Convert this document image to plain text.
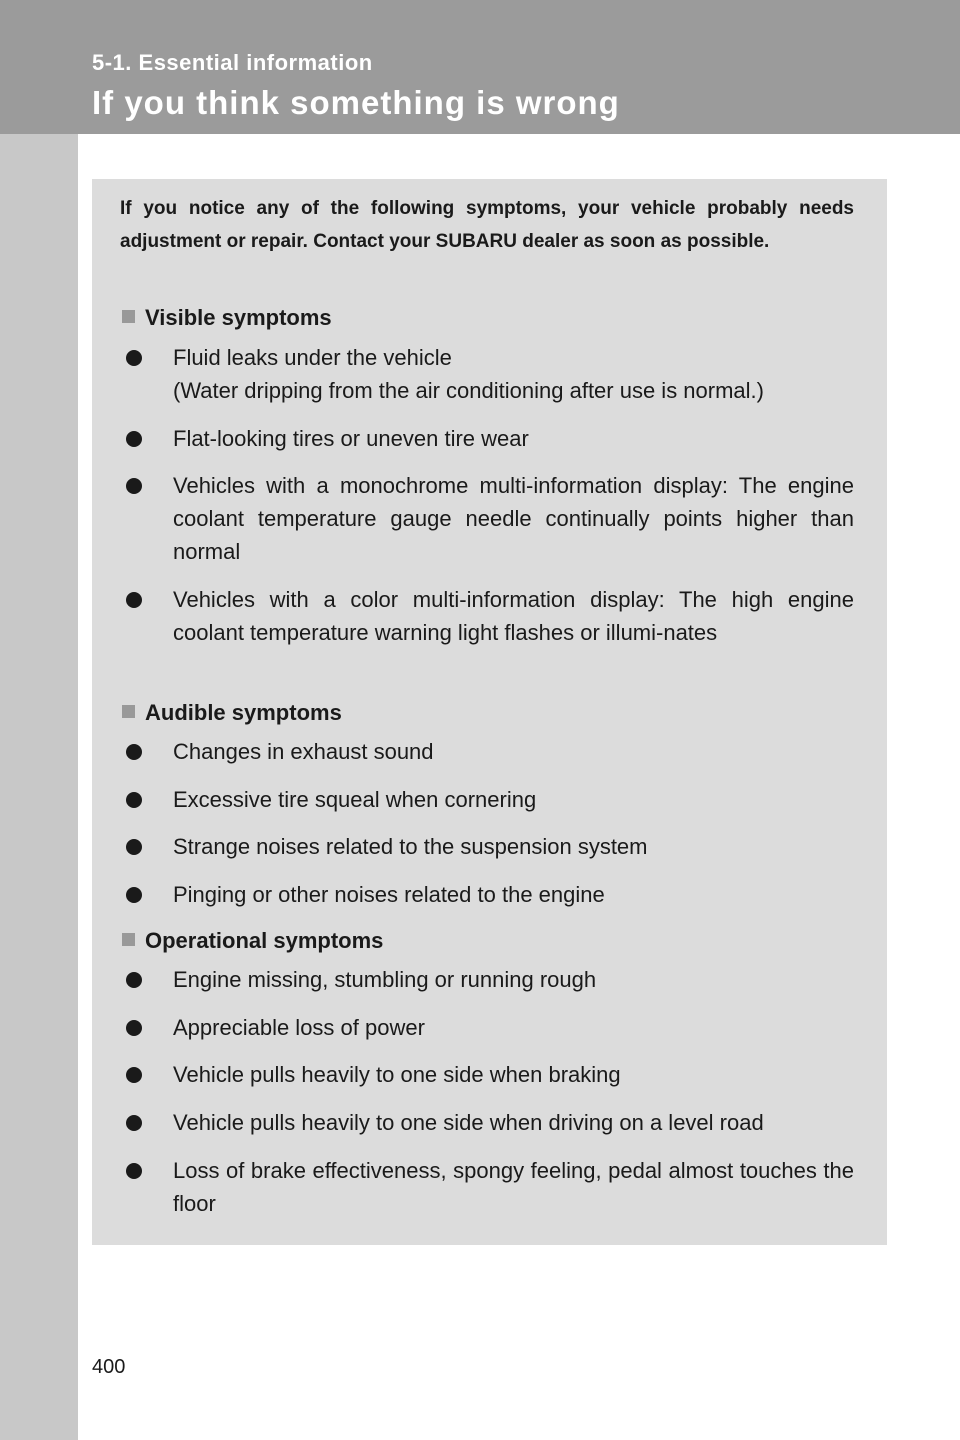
5-1. Essential information
If you think something is wrong

If you notice any of the following symptoms, your vehicle probably needs adjustment or repair. Contact your SUBARU dealer as soon as possible.

Visible symptoms
Fluid leaks under the vehicle
(Water dripping from the air conditioning after use is normal.)
Flat-looking tires or uneven tire wear
Vehicles with a monochrome multi-information display: The engine coolant temperature gauge needle continually points higher than normal
Vehicles with a color multi-information display: The high engine coolant temperature warning light flashes or illumi-nates
Audible symptoms
Changes in exhaust sound
Excessive tire squeal when cornering
Strange noises related to the suspension system
Pinging or other noises related to the engine
Operational symptoms
Engine missing, stumbling or running rough
Appreciable loss of power
Vehicle pulls heavily to one side when braking
Vehicle pulls heavily to one side when driving on a level road
Loss of brake effectiveness, spongy feeling, pedal almost touches the floor
400
